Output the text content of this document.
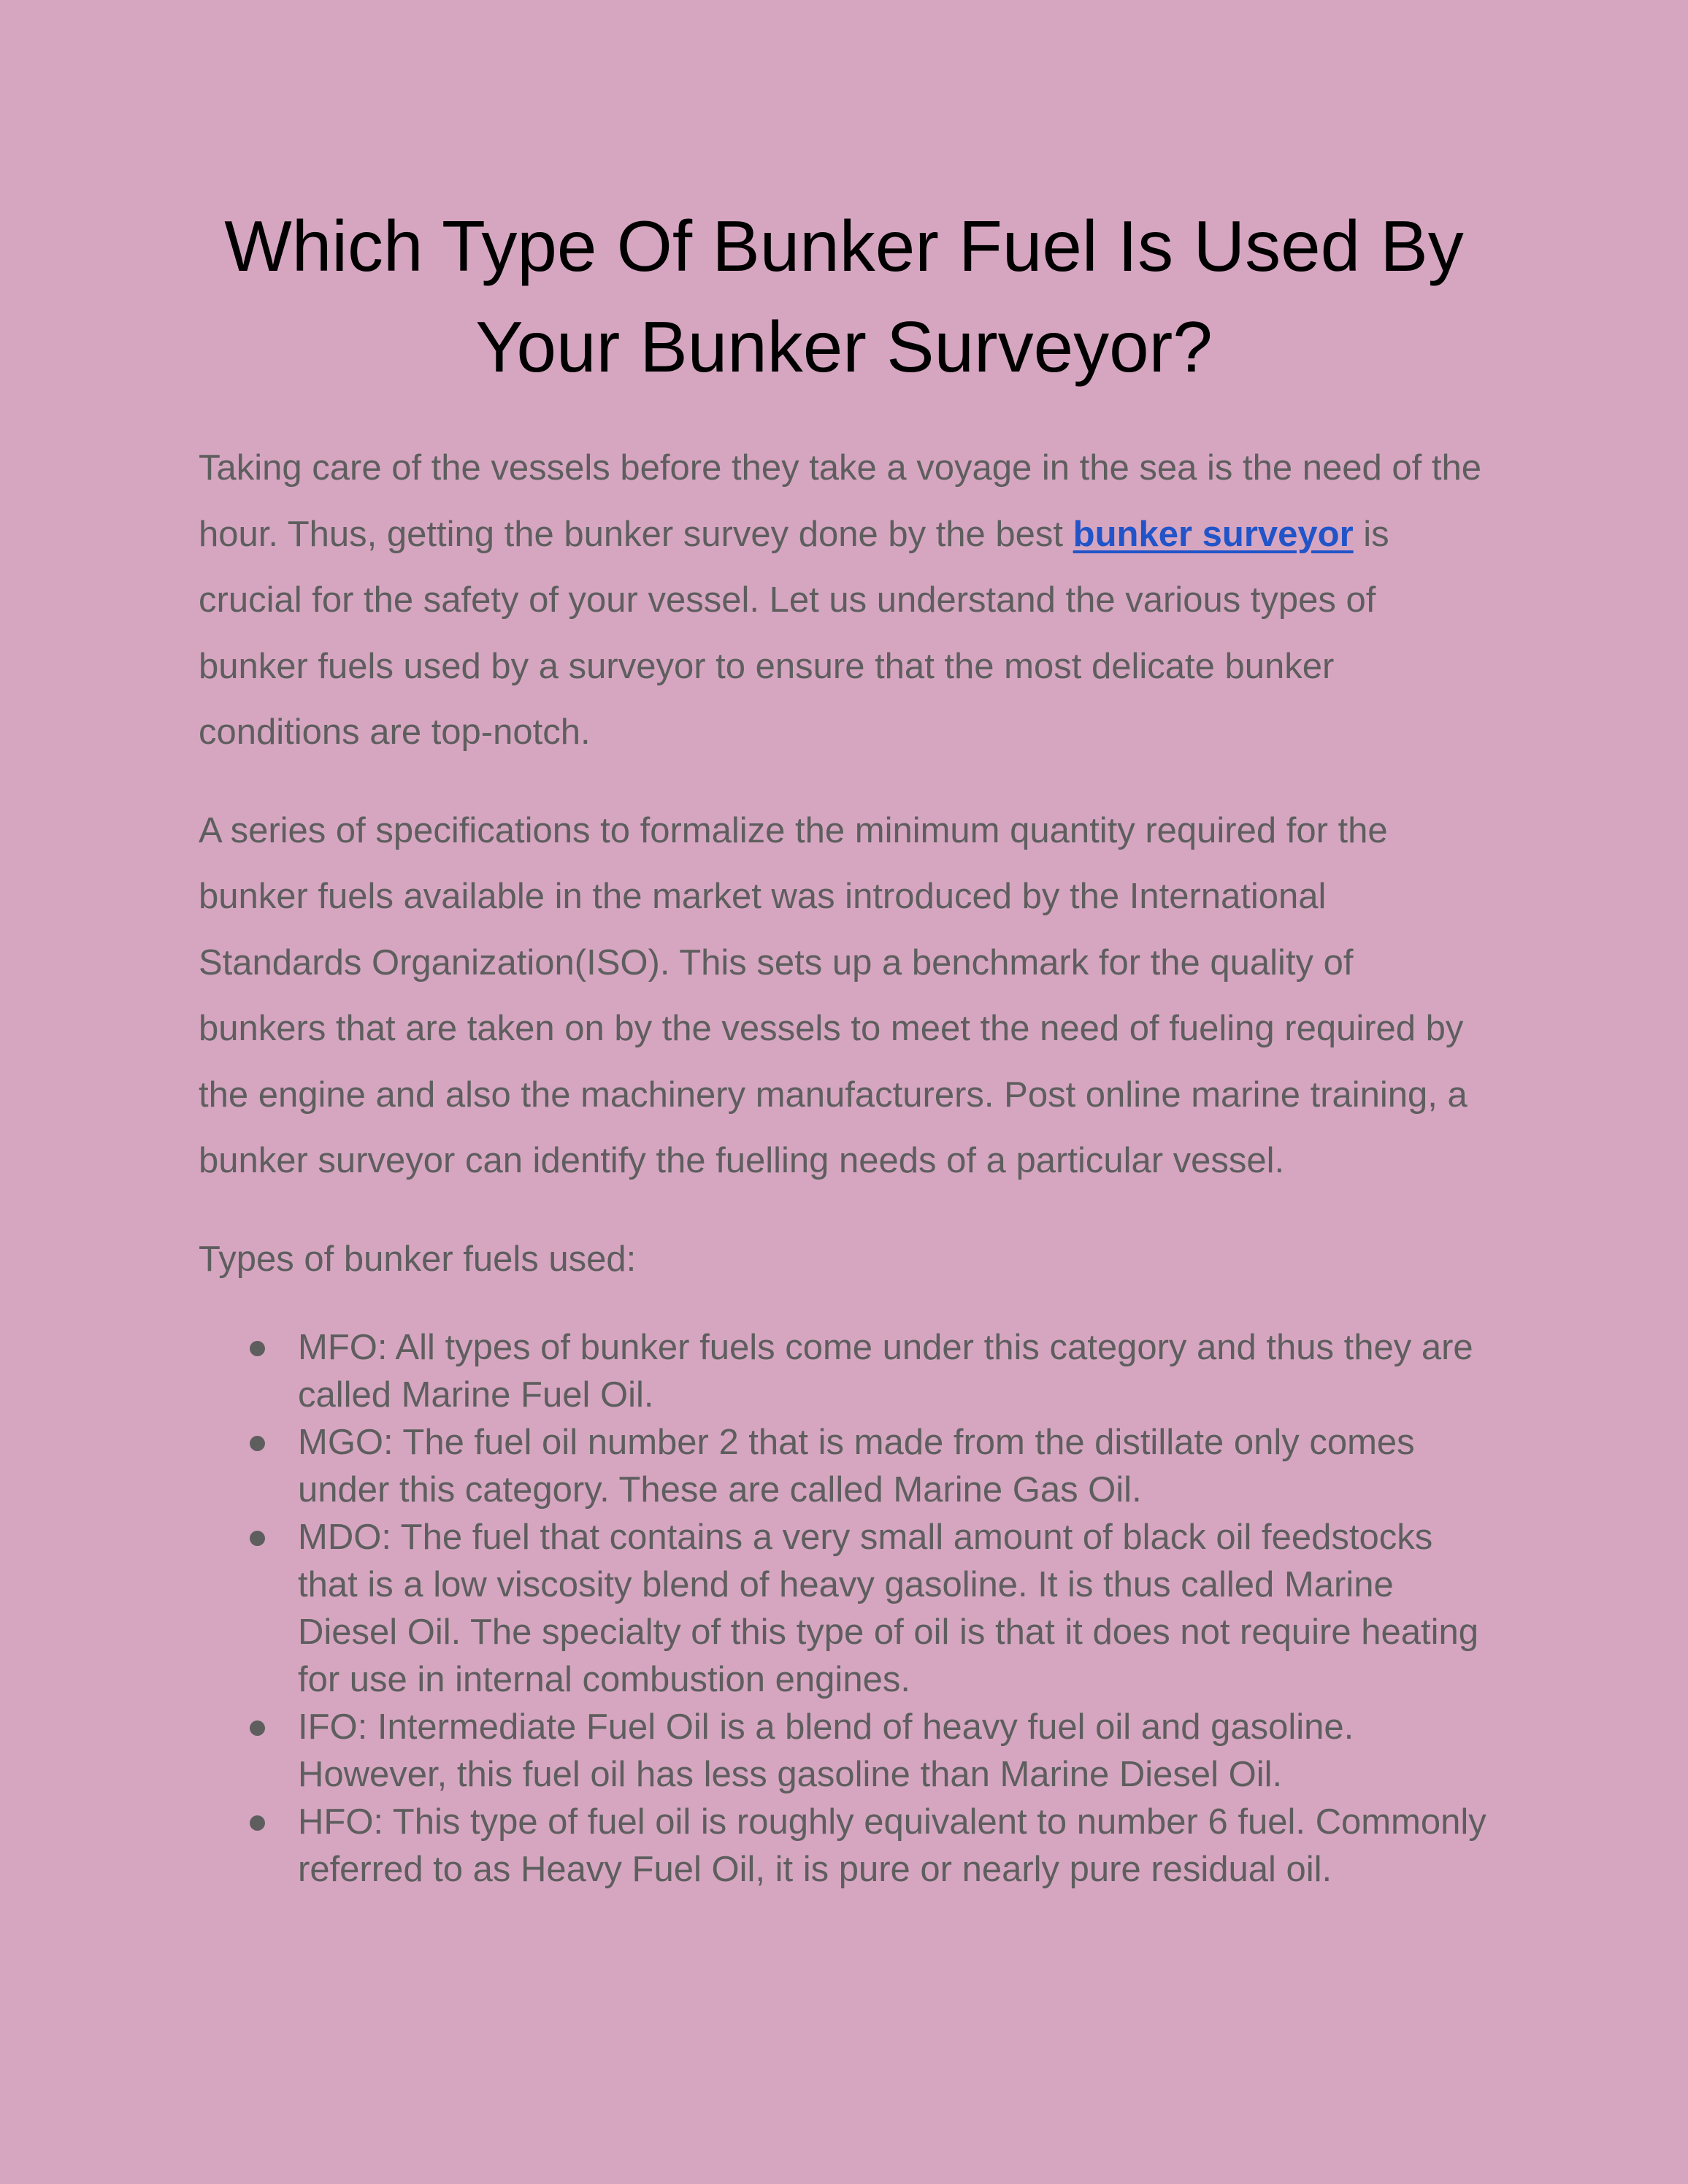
Which Type Of Bunker Fuel Is Used By Your Bunker Surveyor?

Taking care of the vessels before they take a voyage in the sea is the need of the hour. Thus, getting the bunker survey done by the best bunker surveyor is crucial for the safety of your vessel. Let us understand the various types of bunker fuels used by a surveyor to ensure that the most delicate bunker conditions are top-notch.

A series of specifications to formalize the minimum quantity required for the bunker fuels available in the market was introduced by the International Standards Organization(ISO). This sets up a benchmark for the quality of bunkers that are taken on by the vessels to meet the need of fueling required by the engine and also the machinery manufacturers. Post online marine training, a bunker surveyor can identify the fuelling needs of a particular vessel.

Types of bunker fuels used:

MFO: All types of bunker fuels come under this category and thus they are called Marine Fuel Oil.
MGO: The fuel oil number 2 that is made from the distillate only comes under this category. These are called Marine Gas Oil.
MDO: The fuel that contains a very small amount of black oil feedstocks that is a low viscosity blend of heavy gasoline. It is thus called Marine Diesel Oil. The specialty of this type of oil is that it does not require heating for use in internal combustion engines.
IFO: Intermediate Fuel Oil is a blend of heavy fuel oil and gasoline. However, this fuel oil has less gasoline than Marine Diesel Oil.
HFO: This type of fuel oil is roughly equivalent to number 6 fuel. Commonly referred to as Heavy Fuel Oil, it is pure or nearly pure residual oil.
